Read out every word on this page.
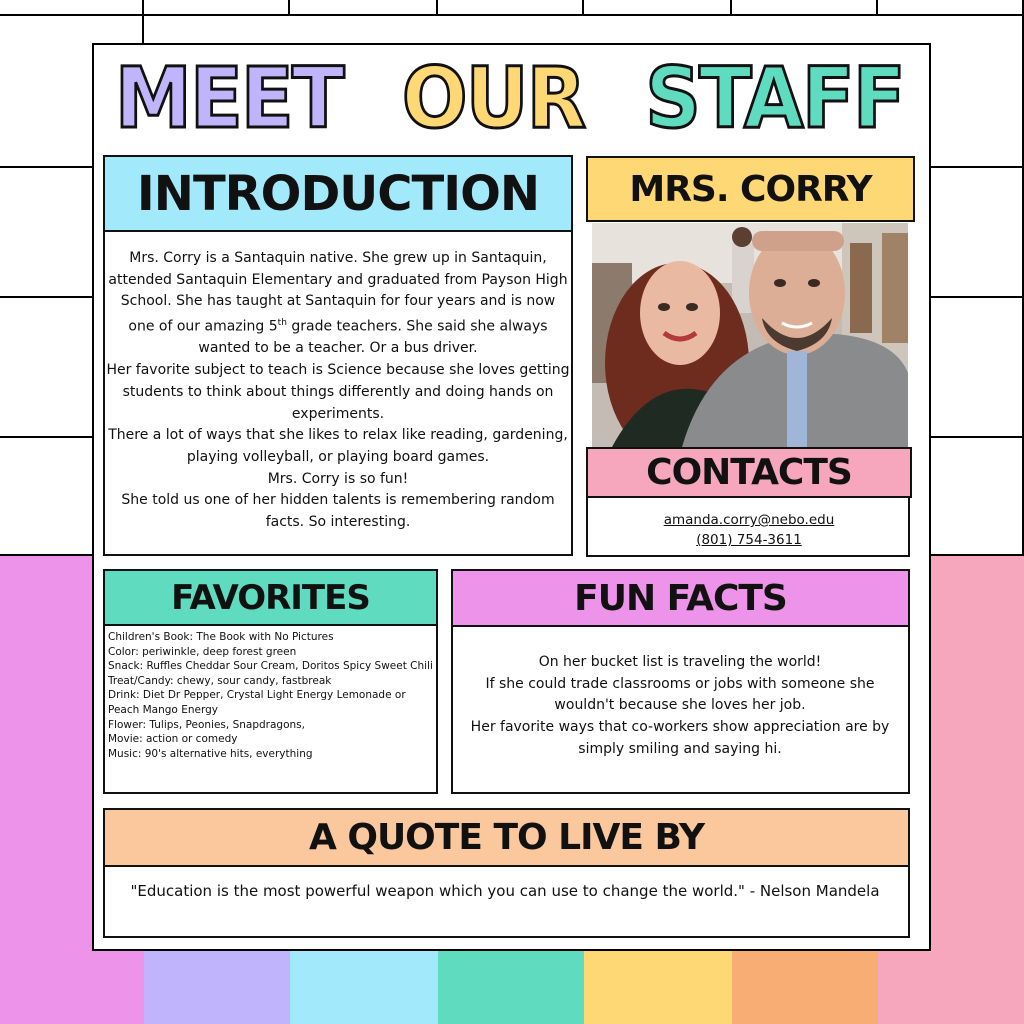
MEET OUR STAFF
INTRODUCTION

Mrs. Corry is a Santaquin native. She grew up in Santaquin, attended Santaquin Elementary and graduated from Payson High School. She has taught at Santaquin for four years and is now one of our amazing 5th grade teachers. She said she always wanted to be a teacher. Or a bus driver.

Her favorite subject to teach is Science because she loves getting students to think about things differently and doing hands on experiments.

There a lot of ways that she likes to relax like reading, gardening, playing volleyball, or playing board games.

Mrs. Corry is so fun!

She told us one of her hidden talents is remembering random facts. So interesting.

MRS. CORRY
CONTACTS
amanda.corry@nebo.edu
(801) 754-3611
FAVORITES
Children's Book: The Book with No Pictures
Color: periwinkle, deep forest green
Snack: Ruffles Cheddar Sour Cream, Doritos Spicy Sweet Chili
Treat/Candy: chewy, sour candy, fastbreak
Drink: Diet Dr Pepper, Crystal Light Energy Lemonade or Peach Mango Energy
Flower: Tulips, Peonies, Snapdragons,
Movie: action or comedy
Music: 90's alternative hits, everything
FUN FACTS

On her bucket list is traveling the world!

If she could trade classrooms or jobs with someone she wouldn't because she loves her job.

Her favorite ways that co-workers show appreciation are by simply smiling and saying hi.

A QUOTE TO LIVE BY
"Education is the most powerful weapon which you can use to change the world." - Nelson Mandela
